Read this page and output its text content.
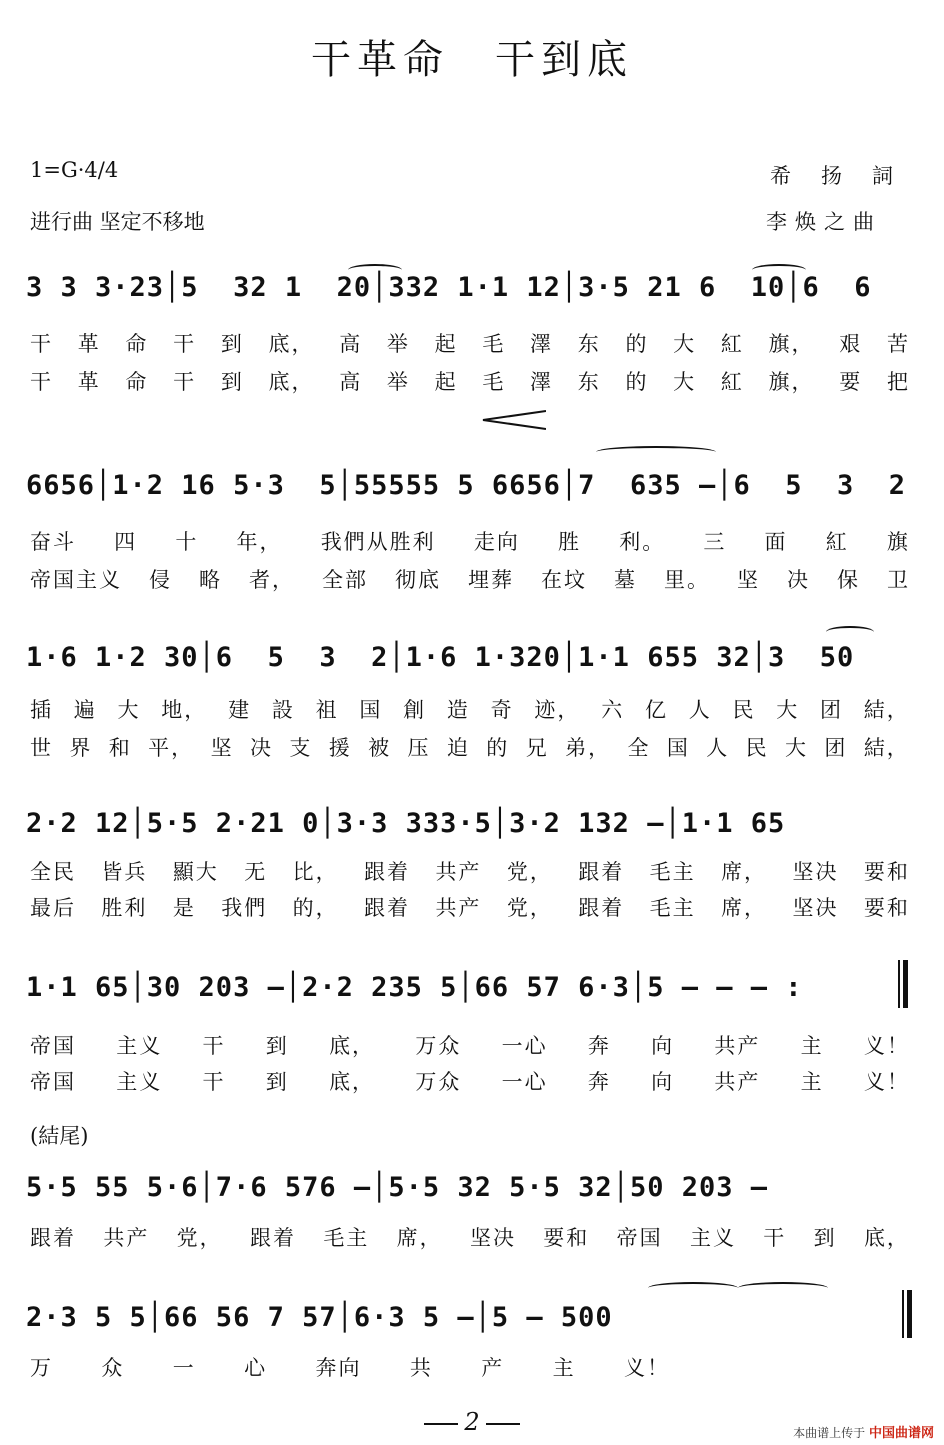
干革命　干到底
1=G·4/4
进行曲 坚定不移地
希扬詞
李焕之曲
3 3 3·23│5  32 1  20│332 1·1 12│3·5 21 6  10│6  6
干 革 命 干 到 底， 高 举 起 毛 澤 东 的 大 紅 旗， 艰 苦
干 革 命 干 到 底， 高 举 起 毛 澤 东 的 大 紅 旗， 要 把
6656│1·2 16 5·3  5│55555 5 6656│7  635 —│6  5  3  2
奋斗 四 十 年， 我們从胜利 走向 胜 利。 三 面 紅 旗
帝国主义 侵 略 者， 全部 彻底 埋葬 在坟 墓 里。 坚 决 保 卫
1·6 1·2 30│6  5  3  2│1·6 1·320│1·1 655 32│3  50
插 遍 大 地， 建 設 祖 国 創 造 奇 迹， 六 亿 人 民 大 团 結，
世 界 和 平， 坚 决 支 援 被 压 迫 的 兄 弟， 全 国 人 民 大 团 結，
2·2 12│5·5 2·21 0│3·3 333·5│3·2 132 —│1·1 65
全民 皆兵 顯大 无 比， 跟着 共产 党， 跟着 毛主 席， 坚决 要和
最后 胜利 是 我們 的， 跟着 共产 党， 跟着 毛主 席， 坚决 要和
1·1 65│30 203 —│2·2 235 5│66 57 6·3│5 — — — :
帝国 主义 干 到 底， 万众 一心 奔 向 共产 主 义！
帝国 主义 干 到 底， 万众 一心 奔 向 共产 主 义！
(結尾)
5·5 55 5·6│7·6 576 —│5·5 32 5·5 32│50 203 —
跟着 共产 党， 跟着 毛主 席， 坚决 要和 帝国 主义 干 到 底，
2·3 5 5│66 56 7 57│6·3 5 —│5 — 500
万 众 一 心 奔向 共 产 主 义！
2	本曲谱上传于 中国曲谱网
